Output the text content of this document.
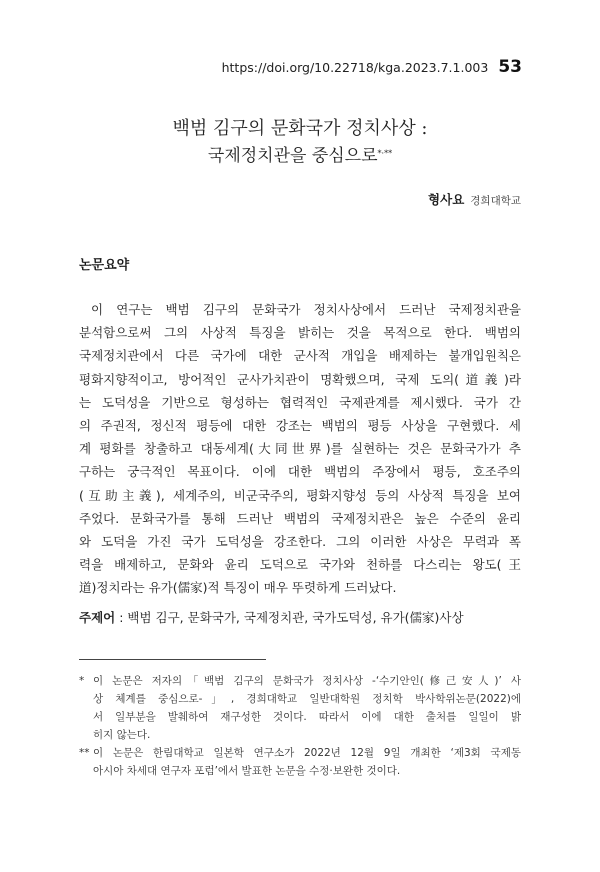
https://doi.org/10.22718/kga.2023.7.1.003 53
백범 김구의 문화국가 정치사상 :
국제정치관을 중심으로*·**
형사요 경희대학교
논문요약
이 연구는 백범 김구의 문화국가 정치사상에서 드러난 국제정치관을
분석함으로써 그의 사상적 특징을 밝히는 것을 목적으로 한다. 백범의
국제정치관에서 다른 국가에 대한 군사적 개입을 배제하는 불개입원칙은
평화지향적이고, 방어적인 군사가치관이 명확했으며, 국제 도의(道義)라
는 도덕성을 기반으로 형성하는 협력적인 국제관계를 제시했다. 국가 간
의 주권적, 정신적 평등에 대한 강조는 백범의 평등 사상을 구현했다. 세
계 평화를 창출하고 대동세계(大同世界)를 실현하는 것은 문화국가가 추
구하는 궁극적인 목표이다. 이에 대한 백범의 주장에서 평등, 호조주의
(互助主義), 세계주의, 비군국주의, 평화지향성 등의 사상적 특징을 보여
주었다. 문화국가를 통해 드러난 백범의 국제정치관은 높은 수준의 윤리
와 도덕을 가진 국가 도덕성을 강조한다. 그의 이러한 사상은 무력과 폭
력을 배제하고, 문화와 윤리 도덕으로 국가와 천하를 다스리는 왕도(王
道)정치라는 유가(儒家)적 특징이 매우 뚜렷하게 드러났다.
주제어 : 백범 김구, 문화국가, 국제정치관, 국가도덕성, 유가(儒家)사상
* 이 논문은 저자의「백범 김구의 문화국가 정치사상 -‘수기안인(修己安人)’ 사
상 체계를 중심으로-」, 경희대학교 일반대학원 정치학 박사학위논문(2022)에
서 일부분을 발췌하여 재구성한 것이다. 따라서 이에 대한 출처를 일일이 밝
히지 않는다.
** 이 논문은 한림대학교 일본학 연구소가 2022년 12월 9일 개최한 ‘제3회 국제동
아시아 차세대 연구자 포럼’에서 발표한 논문을 수정·보완한 것이다.
